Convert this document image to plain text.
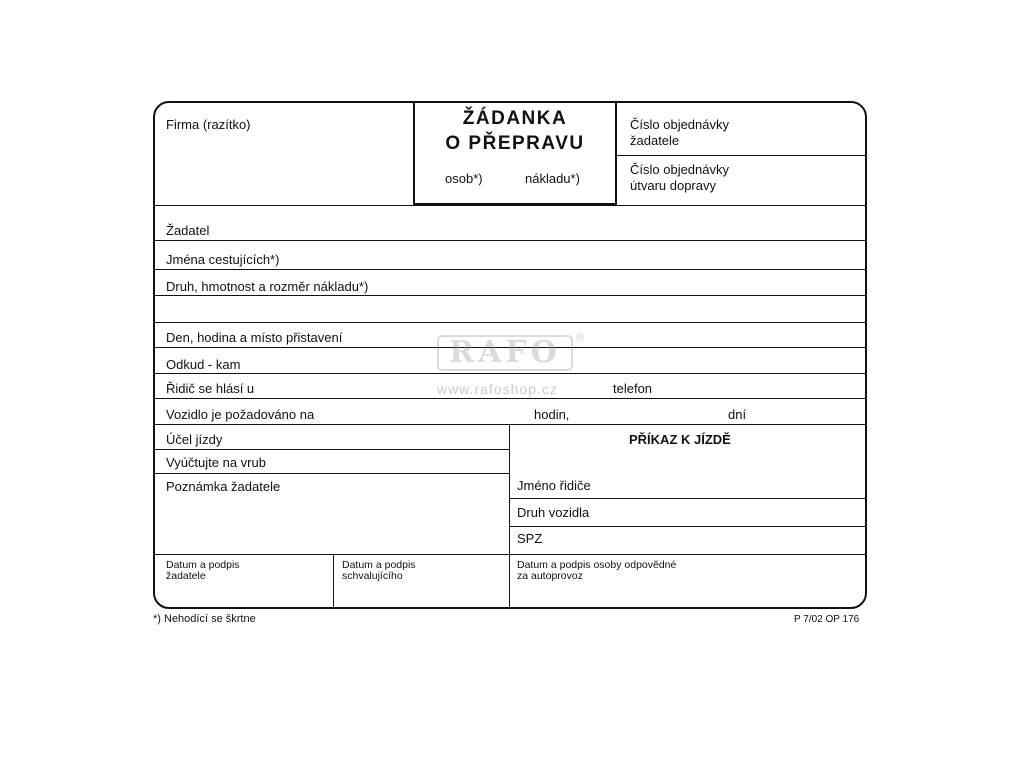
ŽÁDANKA
O PŘEPRAVU
osob*)	nákladu*)
Firma (razítko)	Číslo objednávky
žadatele
Číslo objednávky
útvaru dopravy
Žadatel
Jména cestujících*)
Druh, hmotnost a rozměr nákladu*)
Den, hodina a místo přistavení
Odkud - kam
Řidič se hlásí u	telefon
Vozidlo je požadováno na	hodin,	dní
Účel jízdy
Vyúčtujte na vrub
Poznámka žadatele
PŘÍKAZ K JÍZDĚ
Jméno řidiče
Druh vozidla
SPZ
Datum a podpis
žadatele
Datum a podpis
schvalujícího
Datum a podpis osoby odpovědné
za autoprovoz
RAFO	®
www.rafoshop.cz
*) Nehodící se škrtne	P 7/02 OP 176
